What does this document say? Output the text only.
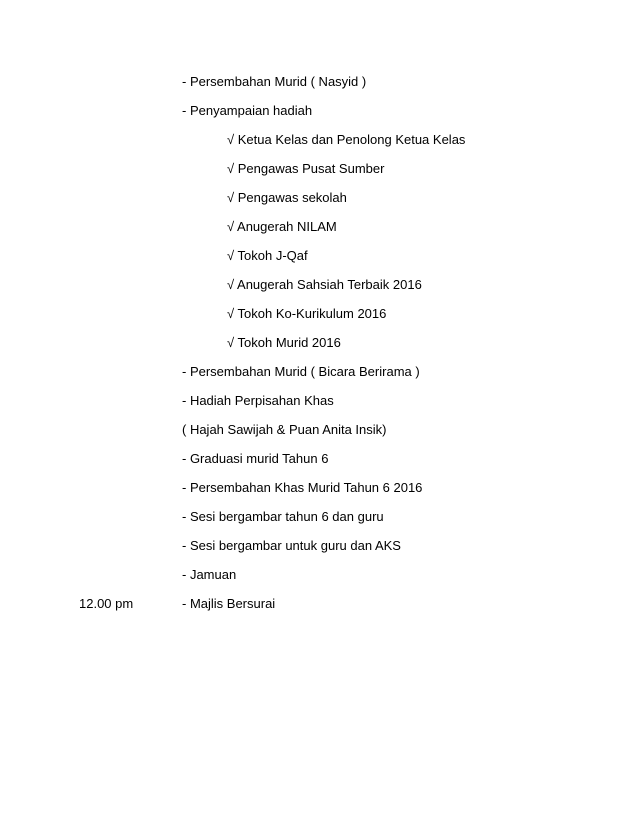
- Persembahan Murid ( Nasyid )
- Penyampaian hadiah
√ Ketua Kelas dan Penolong Ketua Kelas
√ Pengawas Pusat Sumber
√ Pengawas sekolah
√ Anugerah NILAM
√ Tokoh J-Qaf
√ Anugerah Sahsiah Terbaik 2016
√ Tokoh Ko-Kurikulum 2016
√ Tokoh Murid 2016
- Persembahan Murid ( Bicara Berirama )
- Hadiah Perpisahan Khas
( Hajah Sawijah & Puan Anita Insik)
- Graduasi murid Tahun 6
- Persembahan Khas Murid Tahun 6 2016
- Sesi bergambar tahun 6 dan guru
- Sesi bergambar untuk guru dan AKS
- Jamuan
12.00 pm	- Majlis Bersurai
